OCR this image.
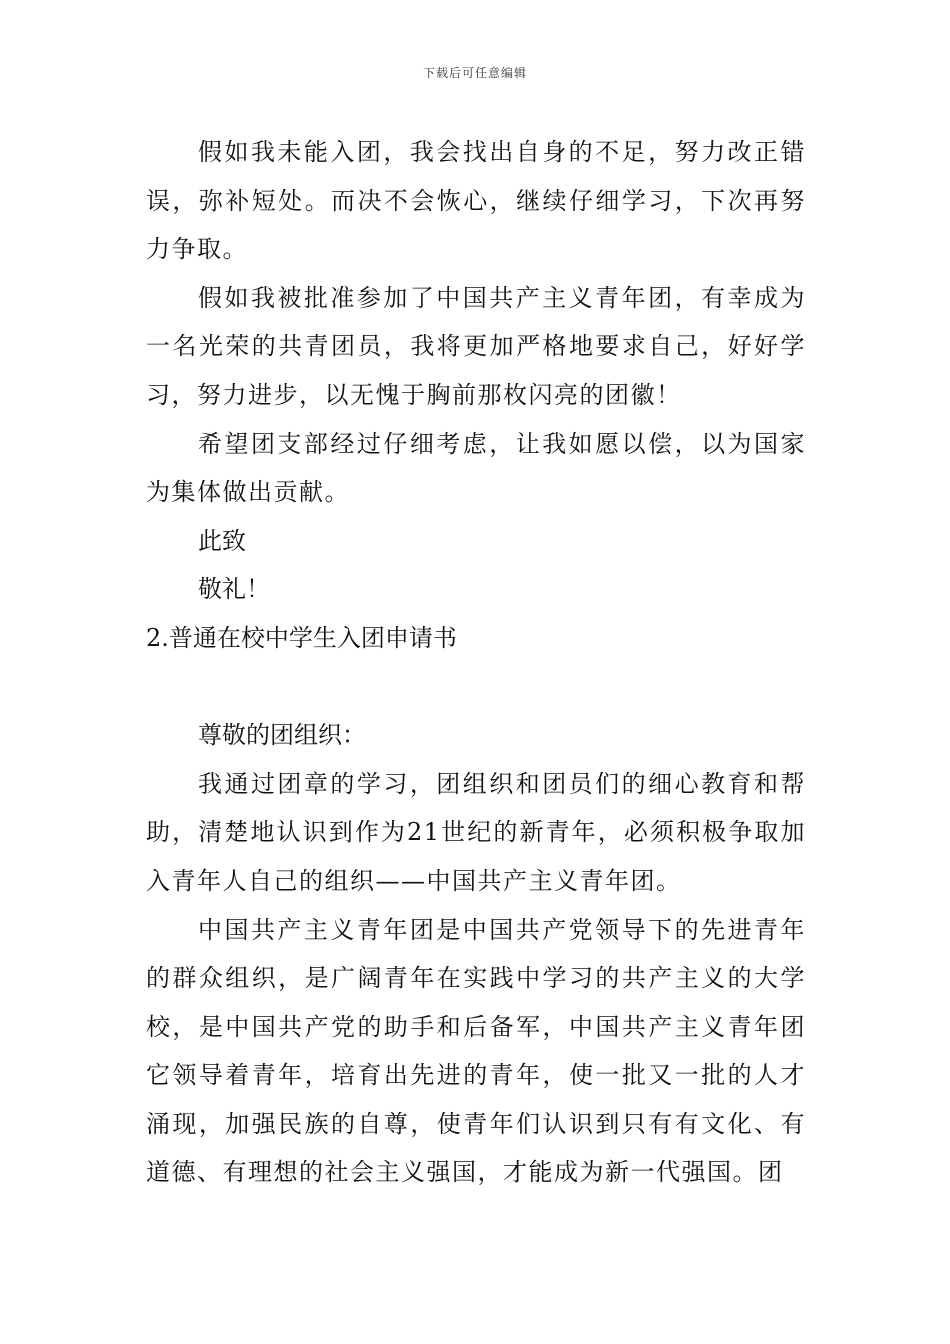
下载后可任意编辑

假如我未能入团，我会找出自身的不足，努力改正错误，弥补短处。而决不会恢心，继续仔细学习，下次再努力争取。

假如我被批准参加了中国共产主义青年团，有幸成为一名光荣的共青团员，我将更加严格地要求自己，好好学习，努力进步，以无愧于胸前那枚闪亮的团徽！

希望团支部经过仔细考虑，让我如愿以偿，以为国家为集体做出贡献。

此致

敬礼！

2.普通在校中学生入团申请书

尊敬的团组织：

我通过团章的学习，团组织和团员们的细心教育和帮助，清楚地认识到作为21世纪的新青年，必须积极争取加入青年人自己的组织——中国共产主义青年团。

中国共产主义青年团是中国共产党领导下的先进青年的群众组织，是广阔青年在实践中学习的共产主义的大学校，是中国共产党的助手和后备军，中国共产主义青年团它领导着青年，培育出先进的青年，使一批又一批的人才涌现，加强民族的自尊，使青年们认识到只有有文化、有道德、有理想的社会主义强国，才能成为新一代强国。团
